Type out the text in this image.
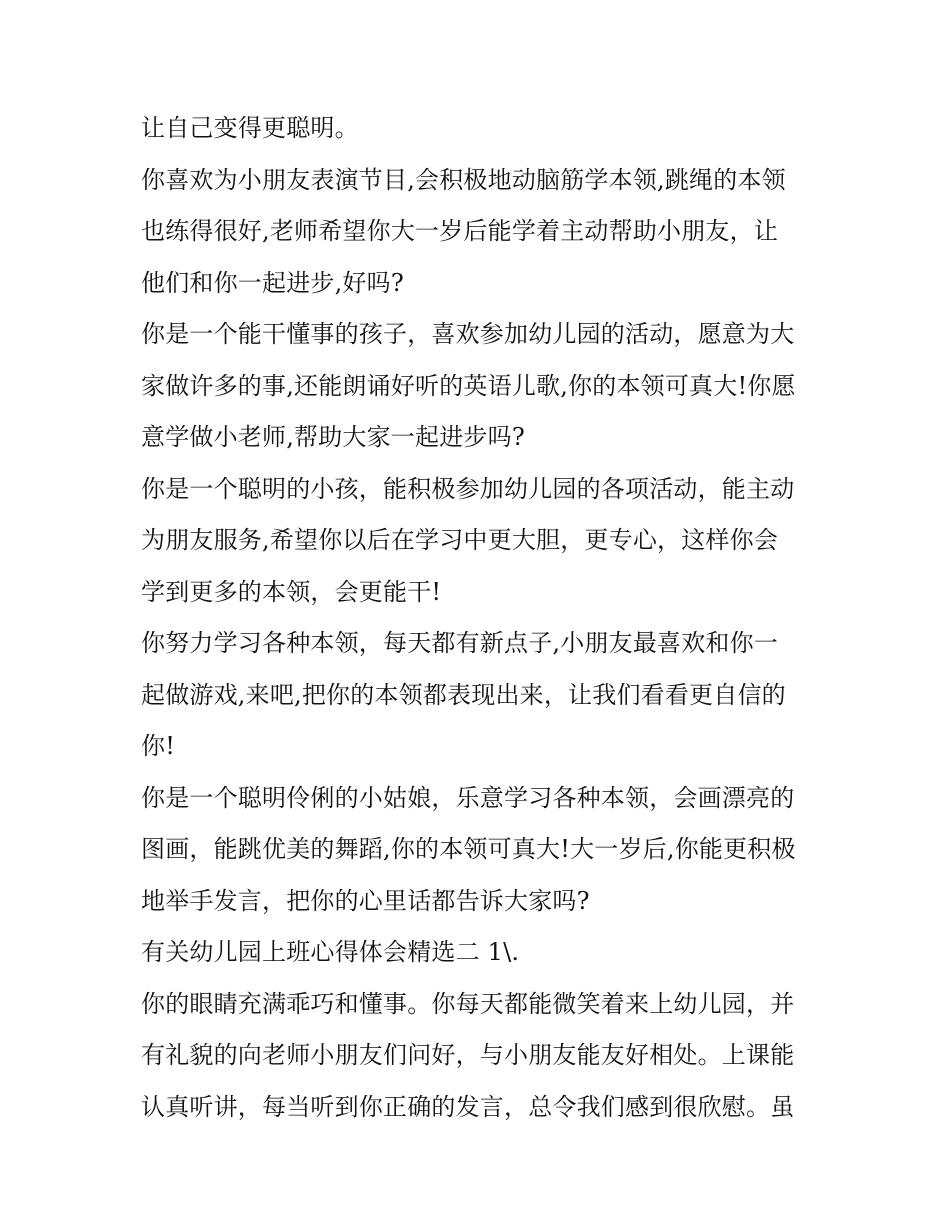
让自己变得更聪明。
你喜欢为小朋友表演节目,会积极地动脑筋学本领,跳绳的本领
也练得很好,老师希望你大一岁后能学着主动帮助小朋友，让
他们和你一起进步,好吗?
你是一个能干懂事的孩子，喜欢参加幼儿园的活动，愿意为大
家做许多的事,还能朗诵好听的英语儿歌,你的本领可真大!你愿
意学做小老师,帮助大家一起进步吗?
你是一个聪明的小孩，能积极参加幼儿园的各项活动，能主动
为朋友服务,希望你以后在学习中更大胆，更专心，这样你会
学到更多的本领，会更能干!
你努力学习各种本领，每天都有新点子,小朋友最喜欢和你一
起做游戏,来吧,把你的本领都表现出来，让我们看看更自信的
你!
你是一个聪明伶俐的小姑娘，乐意学习各种本领，会画漂亮的
图画，能跳优美的舞蹈,你的本领可真大!大一岁后,你能更积极
地举手发言，把你的心里话都告诉大家吗?
有关幼儿园上班心得体会精选二 1\.
你的眼睛充满乖巧和懂事。你每天都能微笑着来上幼儿园，并
有礼貌的向老师小朋友们问好，与小朋友能友好相处。上课能
认真听讲，每当听到你正确的发言，总令我们感到很欣慰。虽
